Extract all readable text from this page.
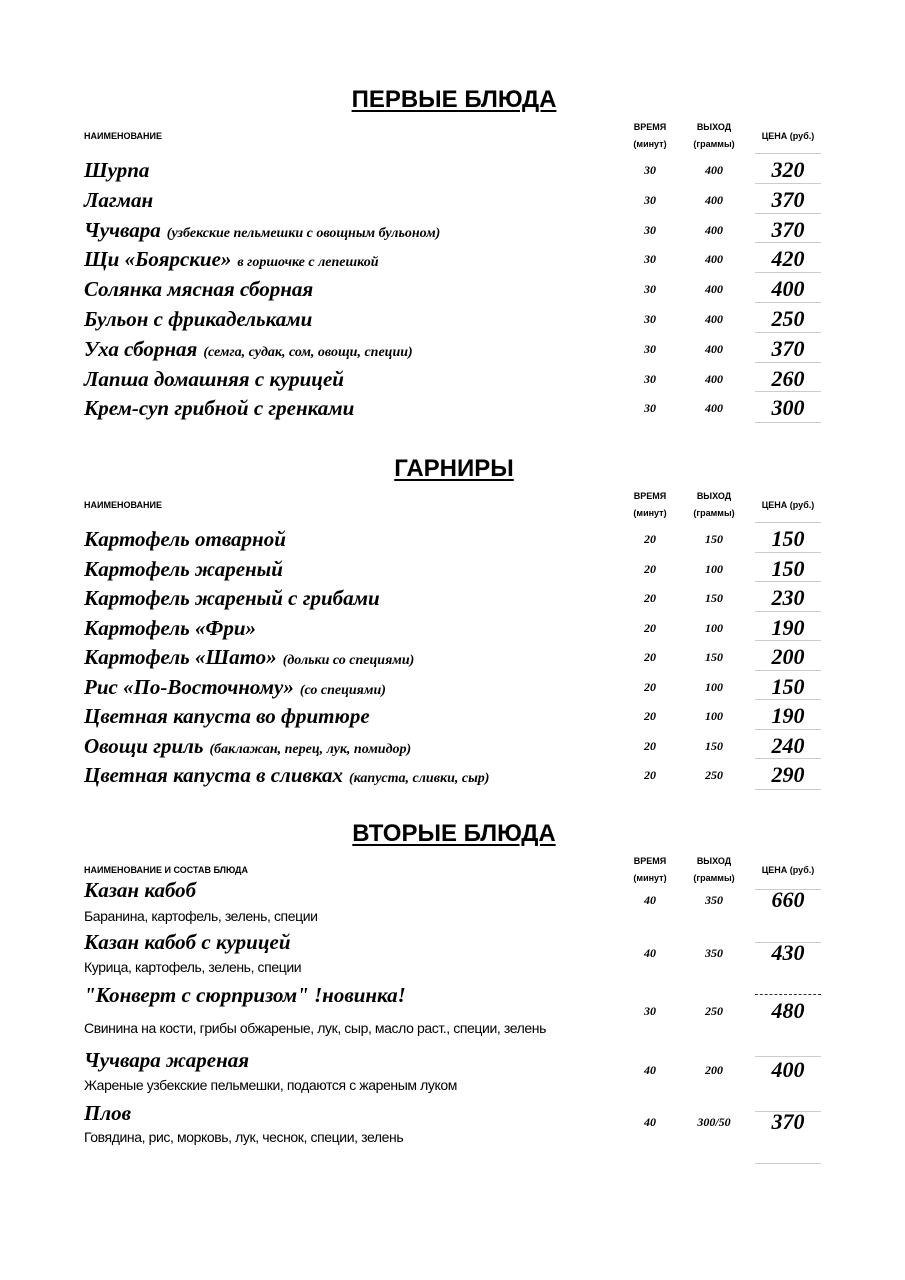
ПЕРВЫЕ БЛЮДА
НАИМЕНОВАНИЕ
ВРЕМЯ
(минут)
ВЫХОД
(граммы)
ЦЕНА (руб.)
Шурпа	30	400	320
Лагман	30	400	370
Чучвара (узбекские пельмешки с овощным бульоном)	30	400	370
Щи «Боярские» в горшочке с лепешкой	30	400	420
Солянка мясная сборная	30	400	400
Бульон с фрикадельками	30	400	250
Уха сборная (семга, судак, сом, овощи, специи)	30	400	370
Лапша домашняя с курицей	30	400	260
Крем-суп грибной с гренками	30	400	300
ГАРНИРЫ
НАИМЕНОВАНИЕ
ВРЕМЯ
(минут)
ВЫХОД
(граммы)
ЦЕНА (руб.)
Картофель отварной	20	150	150
Картофель жареный	20	100	150
Картофель жареный с грибами	20	150	230
Картофель «Фри»	20	100	190
Картофель «Шато» (дольки со специями)	20	150	200
Рис «По-Восточному» (со специями)	20	100	150
Цветная капуста во фритюре	20	100	190
Овощи гриль (баклажан, перец, лук, помидор)	20	150	240
Цветная капуста в сливках (капуста, сливки, сыр)	20	250	290
ВТОРЫЕ БЛЮДА
НАИМЕНОВАНИЕ И СОСТАВ БЛЮДА
ВРЕМЯ
(минут)
ВЫХОД
(граммы)
ЦЕНА (руб.)
Казан кабоб
Баранина, картофель, зелень, специи
40	350	660
Казан кабоб с курицей
Курица, картофель, зелень, специи
40	350	430
"Конверт с сюрпризом" !новинка!
Свинина на кости, грибы обжареные, лук, сыр, масло раст., специи, зелень
30	250	480
Чучвара жареная
Жареные узбекские пельмешки, подаются с жареным луком
40	200	400
Плов
Говядина, рис, морковь, лук, чеснок, специи, зелень
40	300/50	370
